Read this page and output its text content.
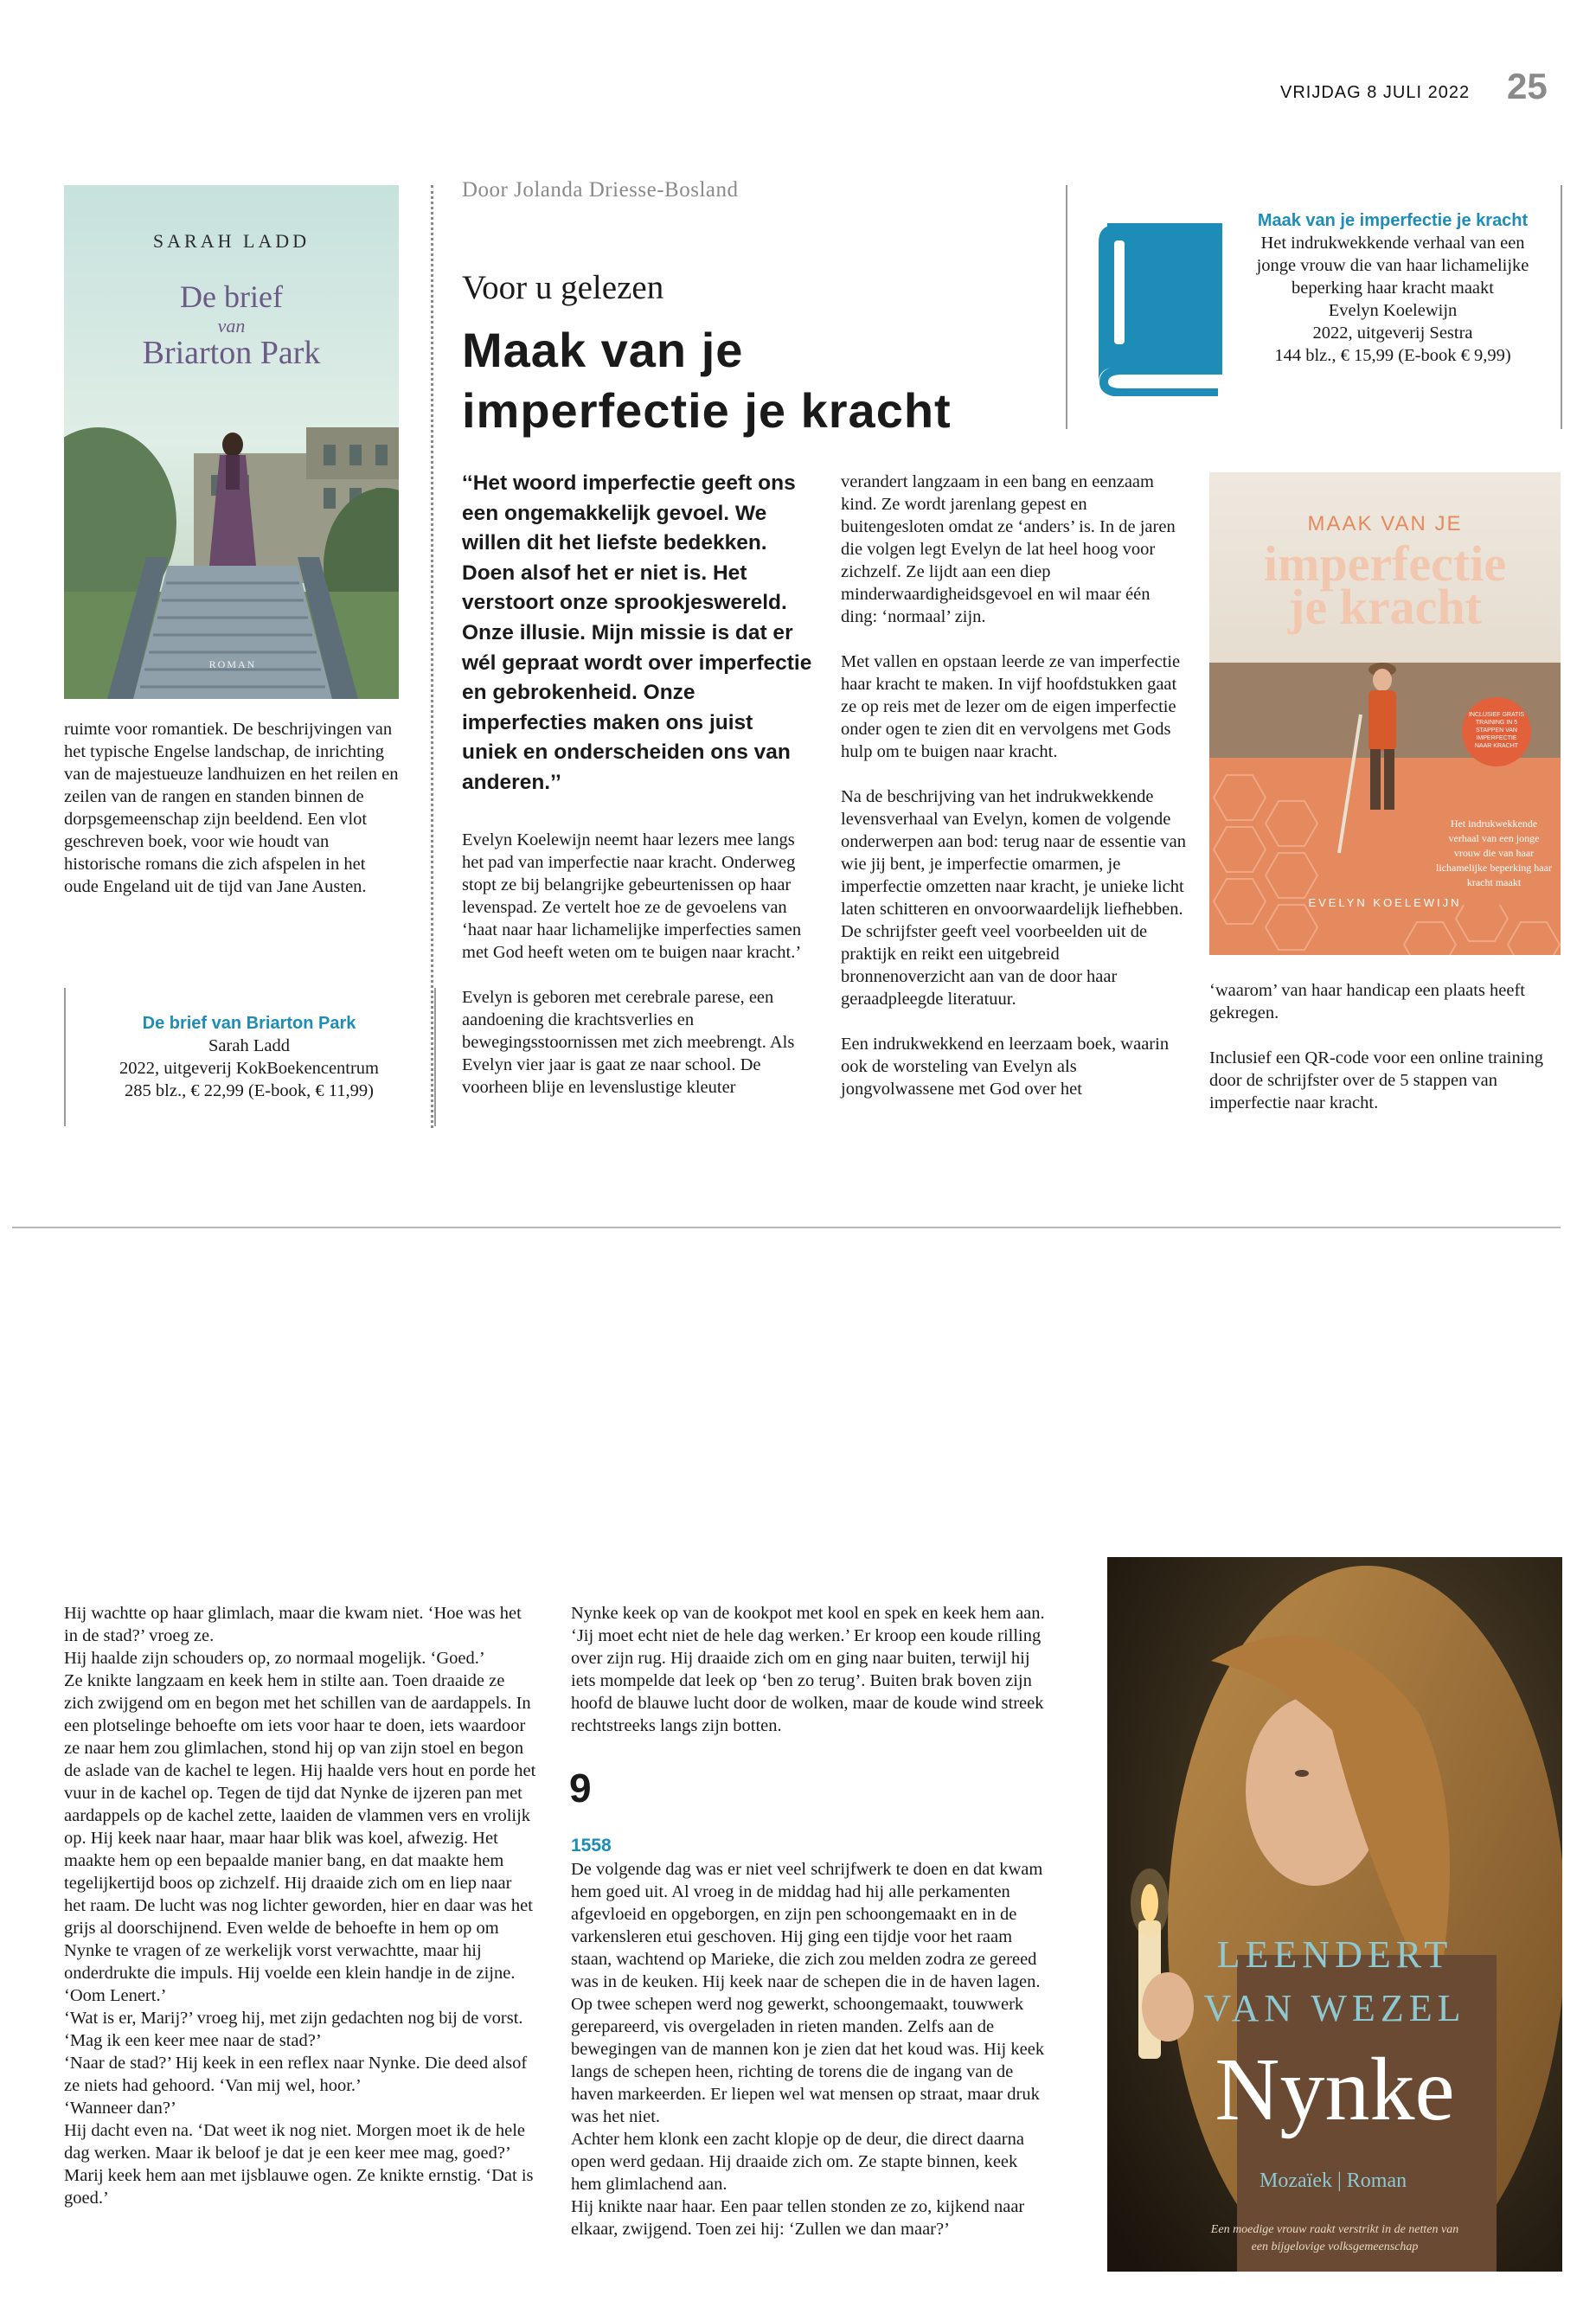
VRIJDAG 8 JULI 2022 25
SARAH LADD
De brief
van
Briarton Park
ROMAN
ruimte voor romantiek. De beschrijvingen van het typische Engelse landschap, de inrichting van de majestueuze landhuizen en het reilen en zeilen van de rangen en standen binnen de dorpsgemeenschap zijn beeldend. Een vlot geschreven boek, voor wie houdt van historische romans die zich afspelen in het oude Engeland uit de tijd van Jane Austen.
De brief van Briarton Park
Sarah Ladd
2022, uitgeverij KokBoekencentrum
285 blz., € 22,99 (E-book, € 11,99)
Door Jolanda Driesse-Bosland
Voor u gelezen
Maak van je imperfectie je kracht
Maak van je imperfectie je kracht
Het indrukwekkende verhaal van een jonge vrouw die van haar lichamelijke beperking haar kracht maakt
Evelyn Koelewijn
2022, uitgeverij Sestra
144 blz., € 15,99 (E-book € 9,99)
‘‘Het woord imperfectie geeft ons een ongemakkelijk gevoel. We willen dit het liefste bedekken. Doen alsof het er niet is. Het verstoort onze sprookjeswereld. Onze illusie. Mijn missie is dat er wél gepraat wordt over imperfectie en gebrokenheid. Onze imperfecties maken ons juist uniek en onderscheiden ons van anderen.’’

Evelyn Koelewijn neemt haar lezers mee langs het pad van imperfectie naar kracht. Onderweg stopt ze bij belangrijke gebeurtenissen op haar levenspad. Ze vertelt hoe ze de gevoelens van ‘haat naar haar lichamelijke imperfecties samen met God heeft weten om te buigen naar kracht.’

Evelyn is geboren met cerebrale parese, een aandoening die krachtsverlies en bewegingsstoornissen met zich meebrengt. Als Evelyn vier jaar is gaat ze naar school. De voorheen blije en levenslustige kleuter

verandert langzaam in een bang en eenzaam kind. Ze wordt jarenlang gepest en buitengesloten omdat ze ‘anders’ is. In de jaren die volgen legt Evelyn de lat heel hoog voor zichzelf. Ze lijdt aan een diep minderwaardigheidsgevoel en wil maar één ding: ‘normaal’ zijn.

Met vallen en opstaan leerde ze van imperfectie haar kracht te maken. In vijf hoofdstukken gaat ze op reis met de lezer om de eigen imperfectie onder ogen te zien dit en vervolgens met Gods hulp om te buigen naar kracht.

Na de beschrijving van het indrukwekkende levensverhaal van Evelyn, komen de volgende onderwerpen aan bod: terug naar de essentie van wie jij bent, je imperfectie omarmen, je imperfectie omzetten naar kracht, je unieke licht laten schitteren en onvoorwaardelijk liefhebben. De schrijfster geeft veel voorbeelden uit de praktijk en reikt een uitgebreid bronnenoverzicht aan van de door haar geraadpleegde literatuur.

Een indrukwekkend en leerzaam boek, waarin ook de worsteling van Evelyn als jongvolwassene met God over het

MAAK VAN JE
imperfectie
je kracht
INCLUSIEF GRATIS TRAINING IN 5 STAPPEN VAN IMPERFECTIE NAAR KRACHT
Het indrukwekkende verhaal van een jonge vrouw die van haar lichamelijke beperking haar kracht maakt
EVELYN KOELEWIJN

‘waarom’ van haar handicap een plaats heeft gekregen.

Inclusief een QR-code voor een online training door de schrijfster over de 5 stappen van imperfectie naar kracht.

Hij wachtte op haar glimlach, maar die kwam niet. ‘Hoe was het in de stad?’ vroeg ze.
Hij haalde zijn schouders op, zo normaal mogelijk. ‘Goed.’
Ze knikte langzaam en keek hem in stilte aan. Toen draaide ze zich zwijgend om en begon met het schillen van de aardappels. In een plotselinge behoefte om iets voor haar te doen, iets waardoor ze naar hem zou glimlachen, stond hij op van zijn stoel en begon de aslade van de kachel te legen. Hij haalde vers hout en porde het vuur in de kachel op. Tegen de tijd dat Nynke de ijzeren pan met aardappels op de kachel zette, laaiden de vlammen vers en vrolijk op. Hij keek naar haar, maar haar blik was koel, afwezig. Het maakte hem op een bepaalde manier bang, en dat maakte hem tegelijkertijd boos op zichzelf. Hij draaide zich om en liep naar het raam. De lucht was nog lichter geworden, hier en daar was het grijs al doorschijnend. Even welde de behoefte in hem op om Nynke te vragen of ze werkelijk vorst verwachtte, maar hij onderdrukte die impuls. Hij voelde een klein handje in de zijne. ‘Oom Lenert.’
‘Wat is er, Marij?’ vroeg hij, met zijn gedachten nog bij de vorst.
‘Mag ik een keer mee naar de stad?’
‘Naar de stad?’ Hij keek in een reflex naar Nynke. Die deed alsof ze niets had gehoord. ‘Van mij wel, hoor.’
‘Wanneer dan?’
Hij dacht even na. ‘Dat weet ik nog niet. Morgen moet ik de hele dag werken. Maar ik beloof je dat je een keer mee mag, goed?’
Marij keek hem aan met ijsblauwe ogen. Ze knikte ernstig. ‘Dat is goed.’
Nynke keek op van de kookpot met kool en spek en keek hem aan. ‘Jij moet echt niet de hele dag werken.’ Er kroop een koude rilling over zijn rug. Hij draaide zich om en ging naar buiten, terwijl hij iets mompelde dat leek op ‘ben zo terug’. Buiten brak boven zijn hoofd de blauwe lucht door de wolken, maar de koude wind streek rechtstreeks langs zijn botten.
9
1558
De volgende dag was er niet veel schrijfwerk te doen en dat kwam hem goed uit. Al vroeg in de middag had hij alle perkamenten afgevloeid en opgeborgen, en zijn pen schoongemaakt en in de varkensleren etui geschoven. Hij ging een tijdje voor het raam staan, wachtend op Marieke, die zich zou melden zodra ze gereed was in de keuken. Hij keek naar de schepen die in de haven lagen. Op twee schepen werd nog gewerkt, schoongemaakt, touwwerk gerepareerd, vis overgeladen in rieten manden. Zelfs aan de bewegingen van de mannen kon je zien dat het koud was. Hij keek langs de schepen heen, richting de torens die de ingang van de haven markeerden. Er liepen wel wat mensen op straat, maar druk was het niet.
Achter hem klonk een zacht klopje op de deur, die direct daarna open werd gedaan. Hij draaide zich om. Ze stapte binnen, keek hem glimlachend aan.
Hij knikte naar haar. Een paar tellen stonden ze zo, kijkend naar elkaar, zwijgend. Toen zei hij: ‘Zullen we dan maar?’
LEENDERT
VAN WEZEL
Nynke
Mozaïek | Roman
Een moedige vrouw raakt verstrikt in de netten van
een bijgelovige volksgemeenschap
